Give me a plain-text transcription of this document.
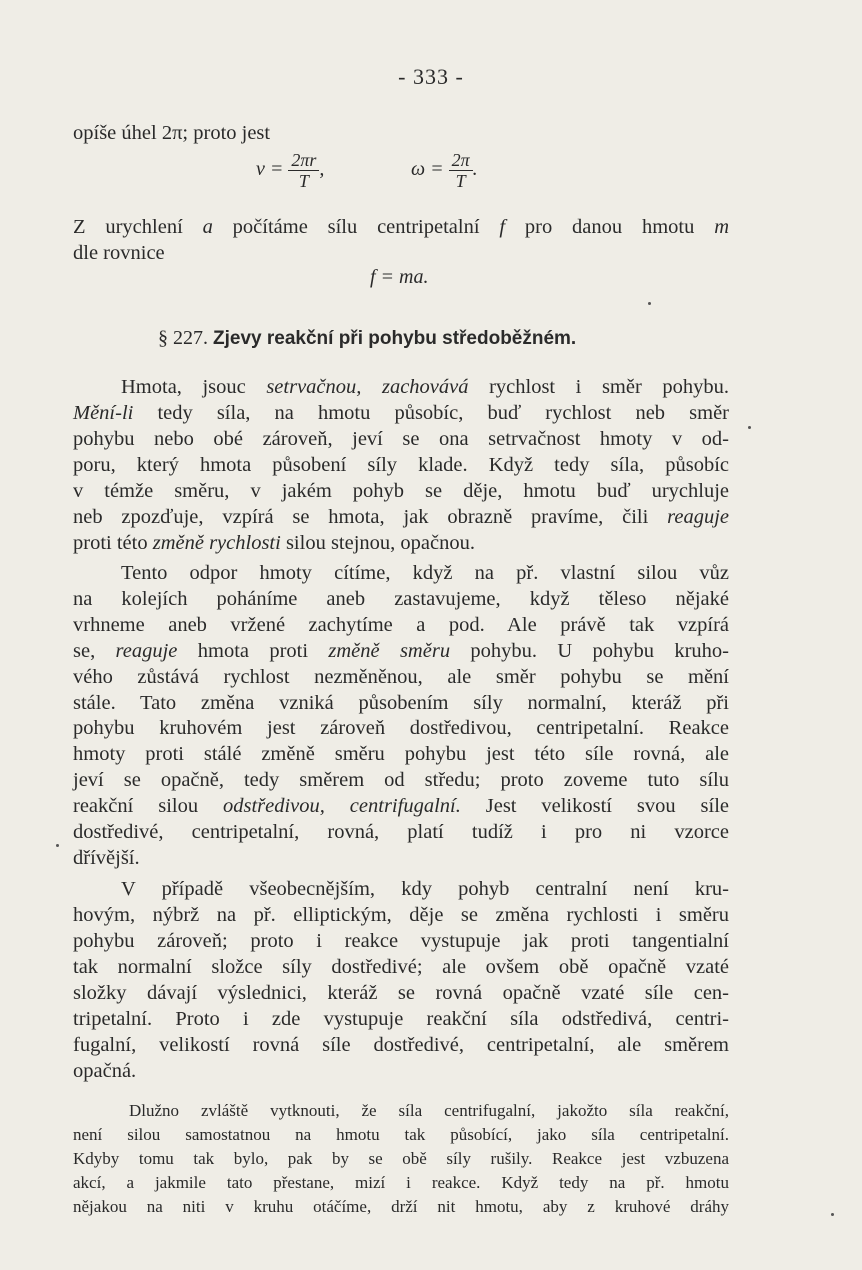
- 333 -
opíše úhel 2π; proto jest
$v = \frac{2\pi r}{T}$ ,	$\omega = \frac{2\pi}{T}$ .
Z urychlení a počítáme sílu centripetalní f pro danou hmotu m
dle rovnice
f = ma.
§ 227. Zjevy reakční při pohybu středoběžném.
Hmota, jsouc setrvačnou, zachovává rychlost i směr pohybu.
Mění-li tedy síla, na hmotu působíc, buď rychlost neb směr
pohybu nebo obé zároveň, jeví se ona setrvačnost hmoty v od-
poru, který hmota působení síly klade. Když tedy síla, působíc
v témže směru, v jakém pohyb se děje, hmotu buď urychluje
neb zpozďuje, vzpírá se hmota, jak obrazně pravíme, čili reaguje
proti této změně rychlosti silou stejnou, opačnou.
Tento odpor hmoty cítíme, když na př. vlastní silou vůz
na kolejích poháníme aneb zastavujeme, když těleso nějaké
vrhneme aneb vržené zachytíme a pod. Ale právě tak vzpírá
se, reaguje hmota proti změně směru pohybu. U pohybu kruho-
vého zůstává rychlost nezměněnou, ale směr pohybu se mění
stále. Tato změna vzniká působením síly normalní, kteráž při
pohybu kruhovém jest zároveň dostředivou, centripetalní. Reakce
hmoty proti stálé změně směru pohybu jest této síle rovná, ale
jeví se opačně, tedy směrem od středu; proto zoveme tuto sílu
reakční silou odstředivou, centrifugalní. Jest velikostí svou síle
dostředivé, centripetalní, rovná, platí tudíž i pro ni vzorce
dřívější.
V případě všeobecnějším, kdy pohyb centralní není kru-
hovým, nýbrž na př. elliptickým, děje se změna rychlosti i směru
pohybu zároveň; proto i reakce vystupuje jak proti tangentialní
tak normalní složce síly dostředivé; ale ovšem obě opačně vzaté
složky dávají výslednici, kteráž se rovná opačně vzaté síle cen-
tripetalní. Proto i zde vystupuje reakční síla odstředivá, centri-
fugalní, velikostí rovná síle dostředivé, centripetalní, ale směrem
opačná.
Dlužno zvláště vytknouti, že síla centrifugalní, jakožto síla reakční,
není silou samostatnou na hmotu tak působící, jako síla centripetalní.
Kdyby tomu tak bylo, pak by se obě síly rušily. Reakce jest vzbuzena
akcí, a jakmile tato přestane, mizí i reakce. Když tedy na př. hmotu
nějakou na niti v kruhu otáčíme, drží nit hmotu, aby z kruhové dráhy
